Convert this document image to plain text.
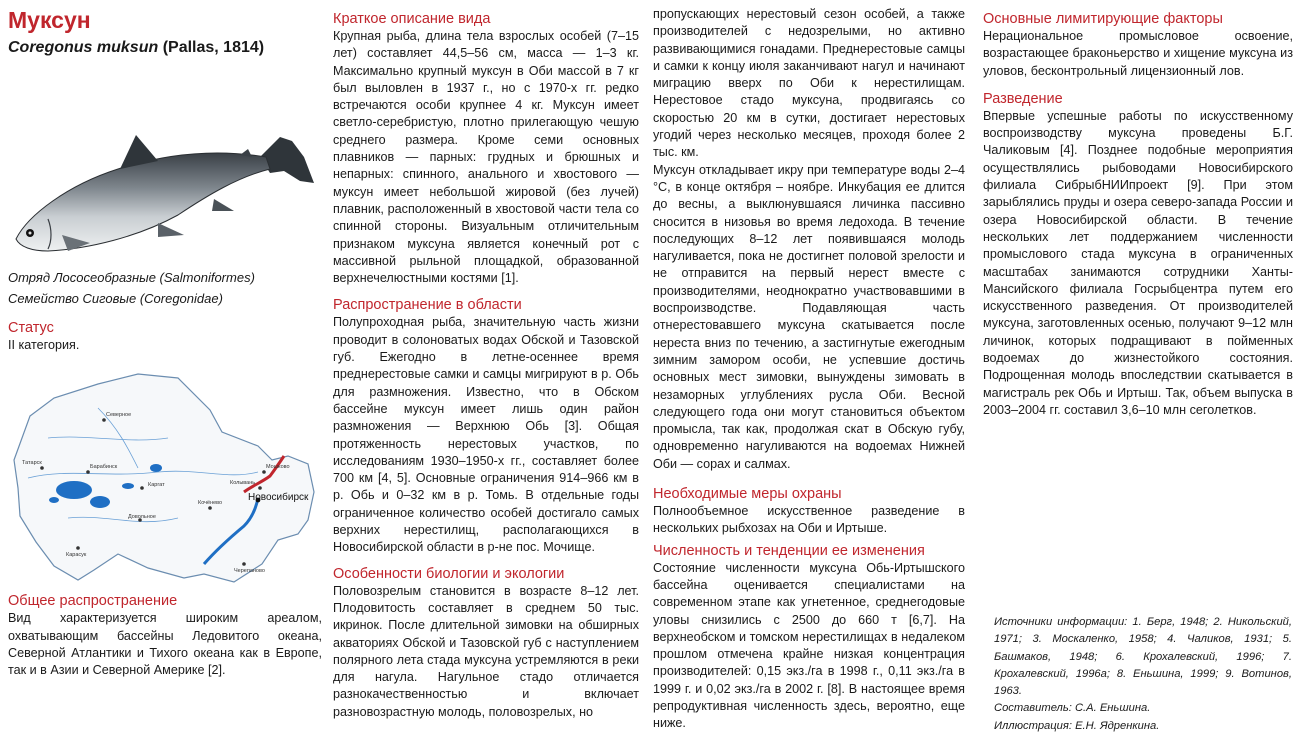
Муксун
Coregonus muksun (Pallas, 1814)
Отряд Лососеобразные (Salmoniformes)
Семейство Сиговые (Coregonidae)
Статус

II категория.

Северное
Татарск
Барабинск
Каргат	Колывань
Мошково
Новосибирск
Кочёнево
Довольное
Карасук
Черепаново
Общее распространение

Вид характеризуется широким ареалом, охватывающим бассейны Ледовитого океана, Северной Атлантики и Тихого океана как в Европе, так и в Азии и Северной Америке [2].

Краткое описание вида

Крупная рыба, длина тела взрослых особей (7–15 лет) составляет 44,5–56 см, масса — 1–3 кг. Максимально крупный муксун в Оби массой в 7 кг был выловлен в 1937 г., но с 1970-х гг. редко встречаются особи крупнее 4 кг. Муксун имеет светло-серебристую, плотно прилегающую чешую среднего размера. Кроме семи основных плавников — парных: грудных и брюшных и непарных: спинного, анального и хвостового — муксун имеет небольшой жировой (без лучей) плавник, расположенный в хвостовой части тела со спинной стороны. Визуальным отличительным признаком муксуна является конечный рот с массивной рыльной площадкой, образованной верхнечелюстными костями [1].

Распространение в области

Полупроходная рыба, значительную часть жизни проводит в солоноватых водах Обской и Тазовской губ. Ежегодно в летне-осеннее время преднерестовые самки и самцы мигрируют в р. Обь для размножения. Известно, что в Обском бассейне муксун имеет лишь один район размножения — Верхнюю Обь [3]. Общая протяженность нерестовых участков, по исследованиям 1930–1950-х гг., составляет более 700 км [4, 5]. Основные ограничения 914–966 км в р. Обь и 0–32 км в р. Томь. В отдельные годы ограниченное количество особей достигало самых верхних нерестилищ, располагающихся в Новосибирской области в р-не пос. Мочище.

Особенности биологии и экологии

Половозрелым становится в возрасте 8–12 лет. Плодовитость составляет в среднем 50 тыс. икринок. После длительной зимовки на обширных акваториях Обской и Тазовской губ с наступлением полярного лета стада муксуна устремляются в реки для нагула. Нагульное стадо отличается разнокачественностью и включает разновозрастную молодь, половозрелых, но

пропускающих нерестовый сезон особей, а также производителей с недозрелыми, но активно развивающимися гонадами. Преднерестовые самцы и самки к концу июля заканчивают нагул и начинают миграцию вверх по Оби к нерестилищам. Нерестовое стадо муксуна, продвигаясь со скоростью 20 км в сутки, достигает нерестовых угодий через несколько месяцев, проходя более 2 тыс. км.

Муксун откладывает икру при температуре воды 2–4 °С, в конце октября – ноябре. Инкубация ее длится до весны, а выклюнувшаяся личинка пассивно сносится в низовья во время ледохода. В течение последующих 8–12 лет появившаяся молодь нагуливается, пока не достигнет половой зрелости и не отправится на первый нерест вместе с производителями, неоднократно участвовавшими в воспроизводстве. Подавляющая часть отнерестовавшего муксуна скатывается после нереста вниз по течению, а застигнутые ежегодным зимним замором особи, не успевшие достичь основных мест зимовки, вынуждены зимовать в незаморных углублениях русла Оби. Весной следующего года они могут становиться объектом промысла, так как, продолжая скат в Обскую губу, одновременно нагуливаются на водоемах Нижней Оби — сорах и салмах.

Необходимые меры охраны

Полнообъемное искусственное разведение в нескольких рыбхозах на Оби и Иртыше.

Численность и тенденции ее изменения

Состояние численности муксуна Обь-Иртышского бассейна оценивается специалистами на современном этапе как угнетенное, среднегодовые уловы снизились с 2500 до 660 т [6,7]. На верхнеобском и томском нерестилищах в недалеком прошлом отмечена крайне низкая концентрация производителей: 0,15 экз./га в 1998 г., 0,11 экз./га в 1999 г. и 0,02 экз./га в 2002 г. [8]. В настоящее время репродуктивная численность здесь, вероятно, еще ниже.

Основные лимитирующие факторы

Нерациональное промысловое освоение, возрастающее браконьерство и хищение муксуна из уловов, бесконтрольный лицензионный лов.

Разведение

Впервые успешные работы по искусственному воспроизводству муксуна проведены Б.Г. Чаликовым [4]. Позднее подобные мероприятия осуществлялись рыбоводами Новосибирского филиала СибрыбНИИпроект [9]. При этом зарыблялись пруды и озера северо-запада России и озера Новосибирской области. В течение нескольких лет поддержанием численности промыслового стада муксуна в ограниченных масштабах занимаются сотрудники Ханты-Мансийского филиала Госрыбцентра путем его искусственного разведения. От производителей муксуна, заготовленных осенью, получают 9–12 млн личинок, которых подращивают в пойменных водоемах до жизнестойкого состояния. Подрощенная молодь впоследствии скатывается в магистраль рек Обь и Иртыш. Так, объем выпуска в 2003–2004 гг. составил 3,6–10 млн сеголетков.

Источники информации: 1. Берг, 1948; 2. Никольский, 1971; 3. Москаленко, 1958; 4. Чаликов, 1931; 5. Башмаков, 1948; 6. Крохалевский, 1996; 7. Крохалевский, 1996а; 8. Еньшина, 1999; 9. Вотинов, 1963.
Составитель: С.А. Еньшина.
Иллюстрация: Е.Н. Ядренкина.
